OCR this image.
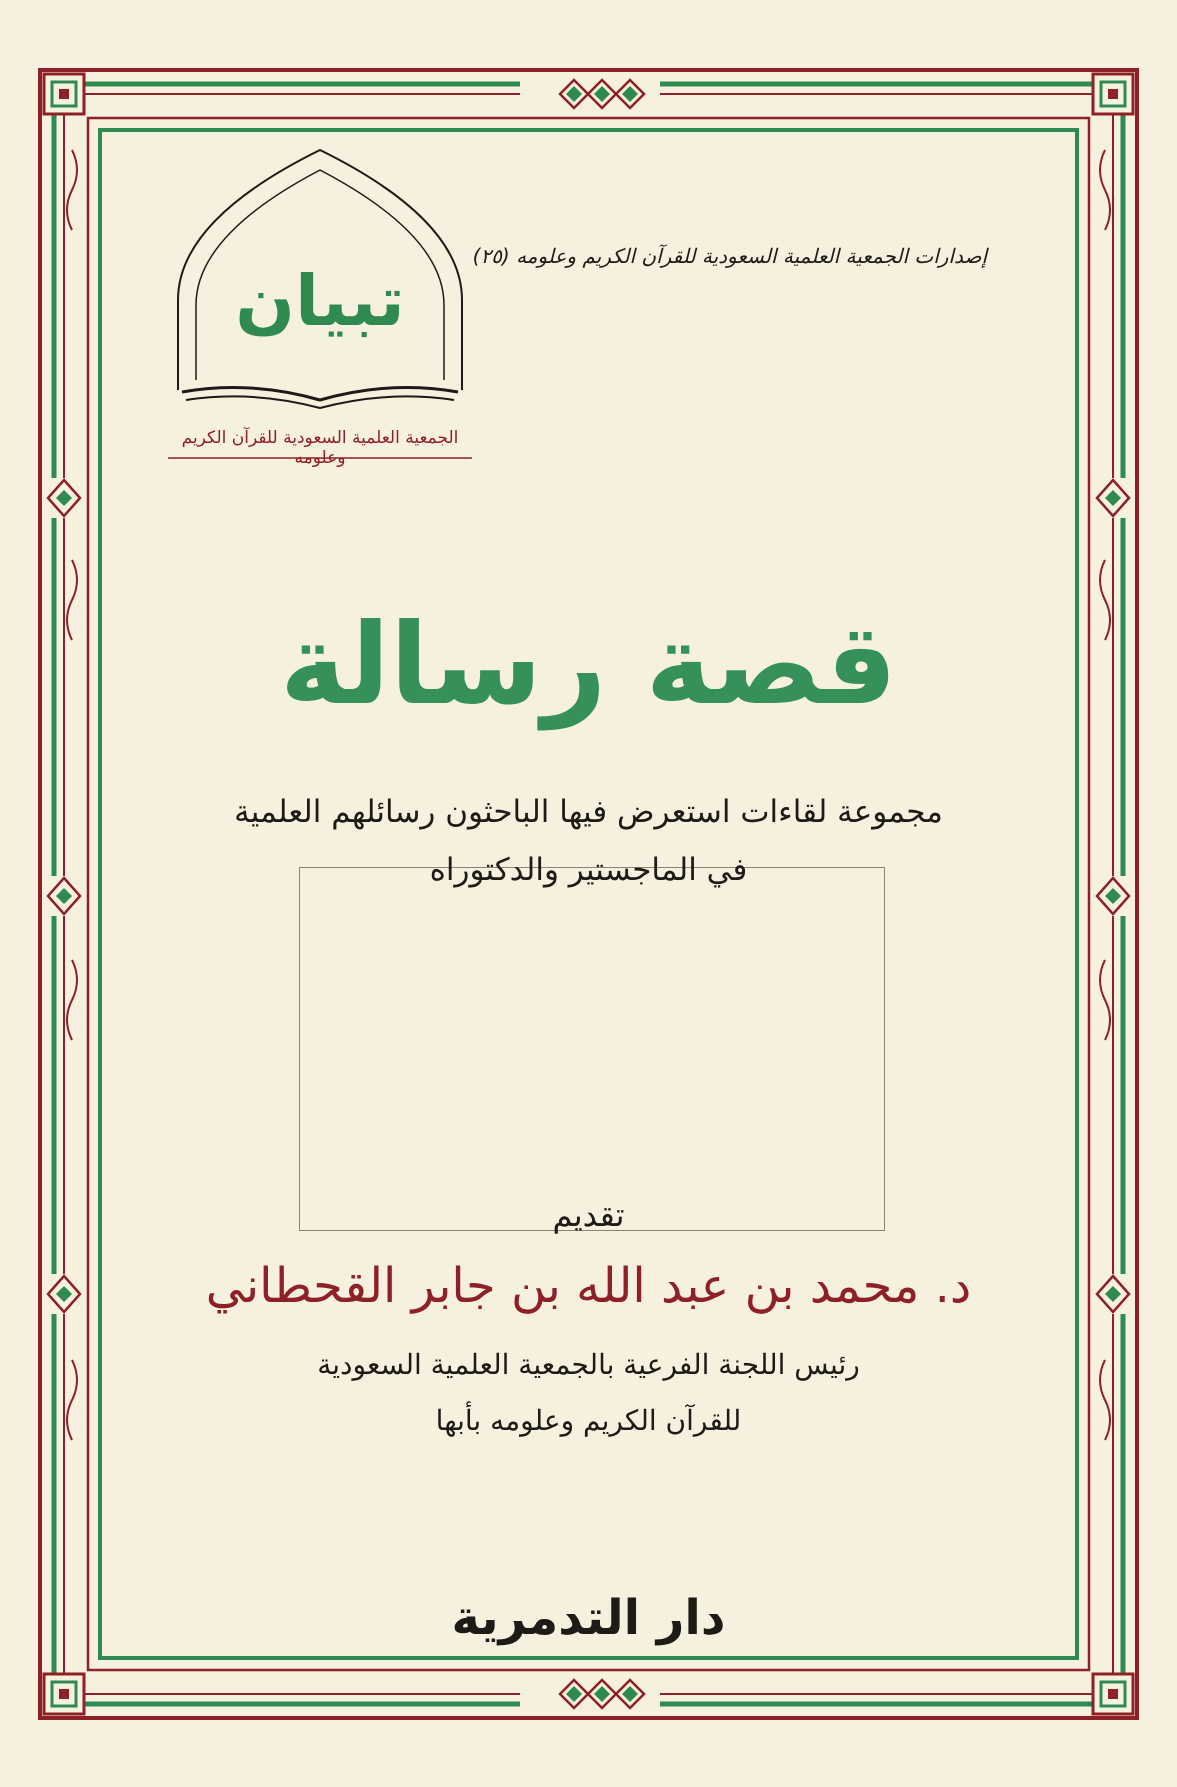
إصدارات الجمعية العلمية السعودية للقرآن الكريم وعلومه (٢٥)
تبيان
الجمعية العلمية السعودية للقرآن الكريم وعلومه
قصة رسالة
مجموعة لقاءات استعرض فيها الباحثون رسائلهم العلمية
في الماجستير والدكتوراه
تقديم
د. محمد بن عبد الله بن جابر القحطاني
رئيس اللجنة الفرعية بالجمعية العلمية السعودية
للقرآن الكريم وعلومه بأبها
دار التدمرية
